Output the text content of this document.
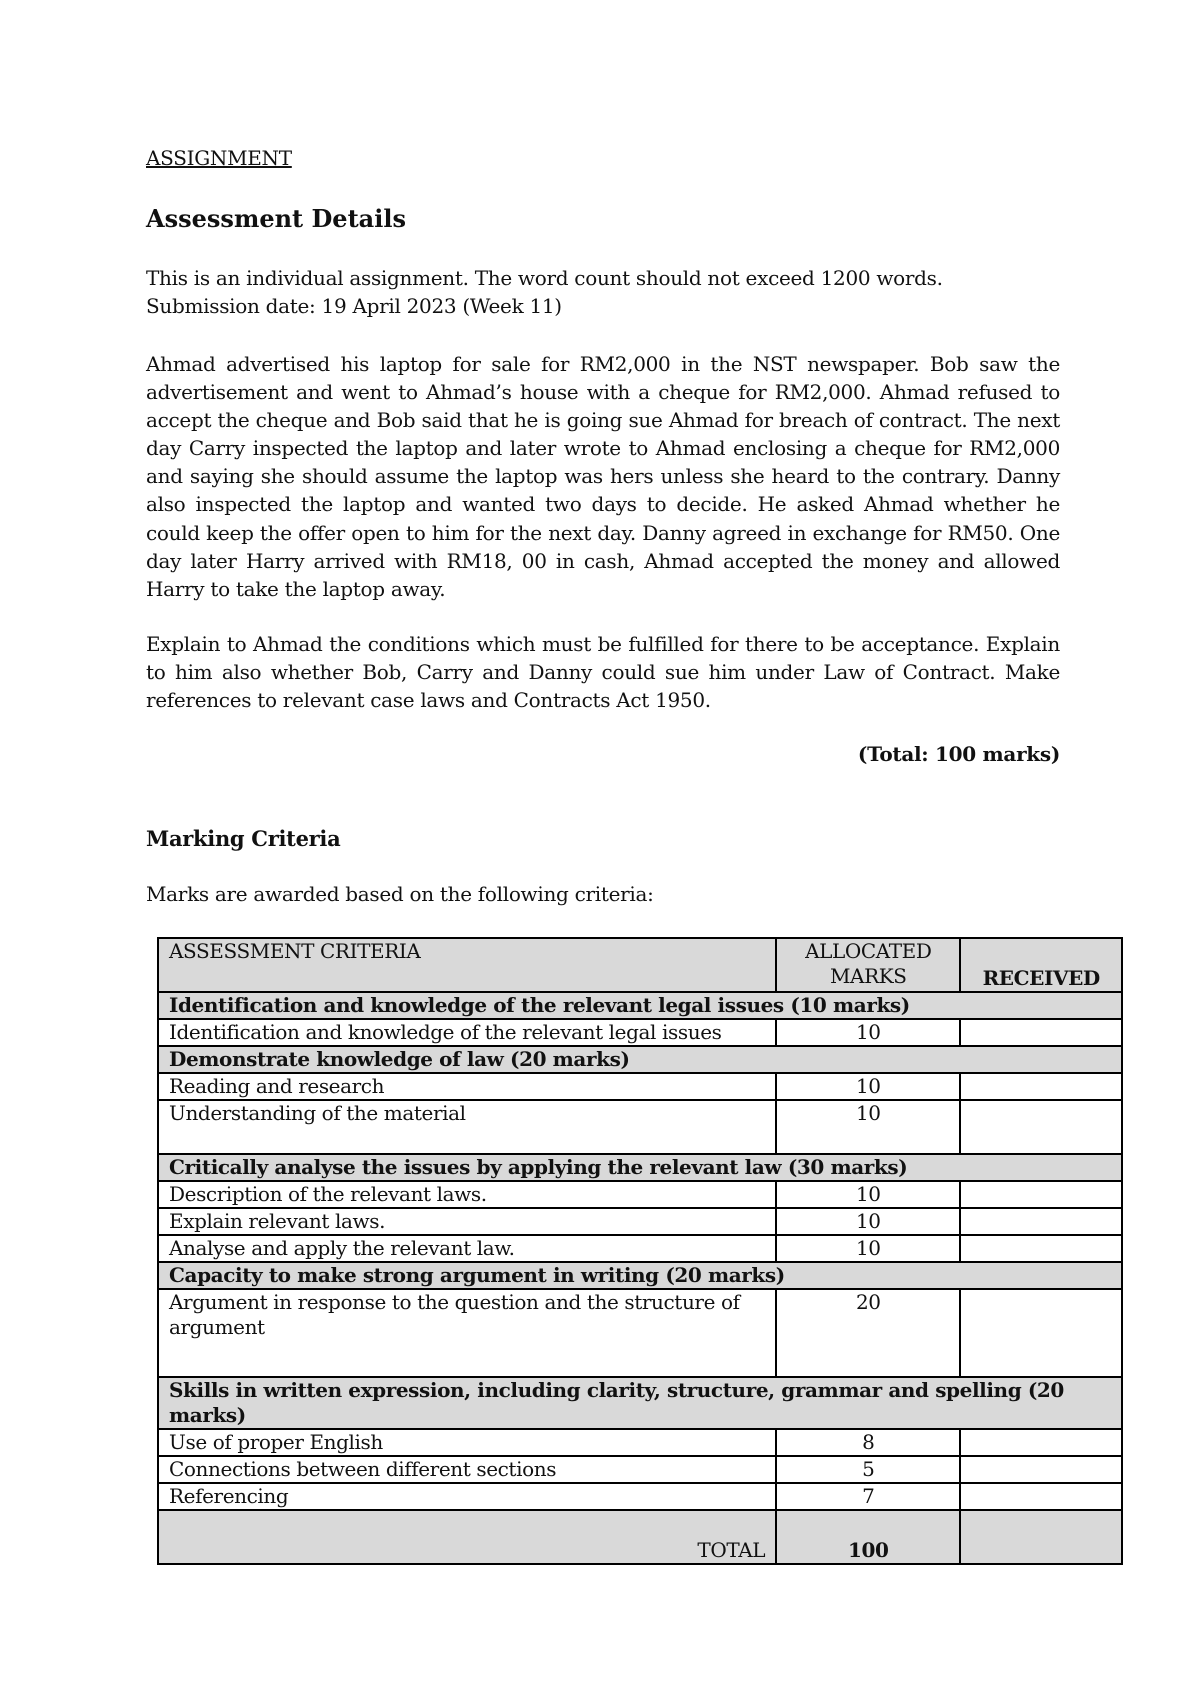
ASSIGNMENT
Assessment Details
This is an individual assignment. The word count should not exceed 1200 words.
Submission date: 19 April 2023 (Week 11)
Ahmad advertised his laptop for sale for RM2,000 in the NST newspaper. Bob saw the advertisement and went to Ahmad’s house with a cheque for RM2,000. Ahmad refused to accept the cheque and Bob said that he is going sue Ahmad for breach of contract. The next day Carry inspected the laptop and later wrote to Ahmad enclosing a cheque for RM2,000 and saying she should assume the laptop was hers unless she heard to the contrary. Danny also inspected the laptop and wanted two days to decide. He asked Ahmad whether he could keep the offer open to him for the next day. Danny agreed in exchange for RM50. One day later Harry arrived with RM18, 00 in cash, Ahmad accepted the money and allowed Harry to take the laptop away.
Explain to Ahmad the conditions which must be fulfilled for there to be acceptance. Explain to him also whether Bob, Carry and Danny could sue him under Law of Contract. Make references to relevant case laws and Contracts Act 1950.
(Total: 100 marks)
Marking Criteria
Marks are awarded based on the following criteria:
ASSESSMENT CRITERIA	ALLOCATED MARKS	RECEIVED
Identification and knowledge of the relevant legal issues (10 marks)		
Identification and knowledge of the relevant legal issues	10	
Demonstrate knowledge of law (20 marks)		
Reading and research	10	
Understanding of the material	10	
Critically analyse the issues by applying the relevant law (30 marks)		
Description of the relevant laws.	10	
Explain relevant laws.	10	
Analyse and apply the relevant law.	10	
Capacity to make strong argument in writing (20 marks)		
Argument in response to the question and the structure of argument	20	
Skills in written expression, including clarity, structure, grammar and spelling (20 marks)		
Use of proper English	8	
Connections between different sections	5	
Referencing	7	
TOTAL	100	
